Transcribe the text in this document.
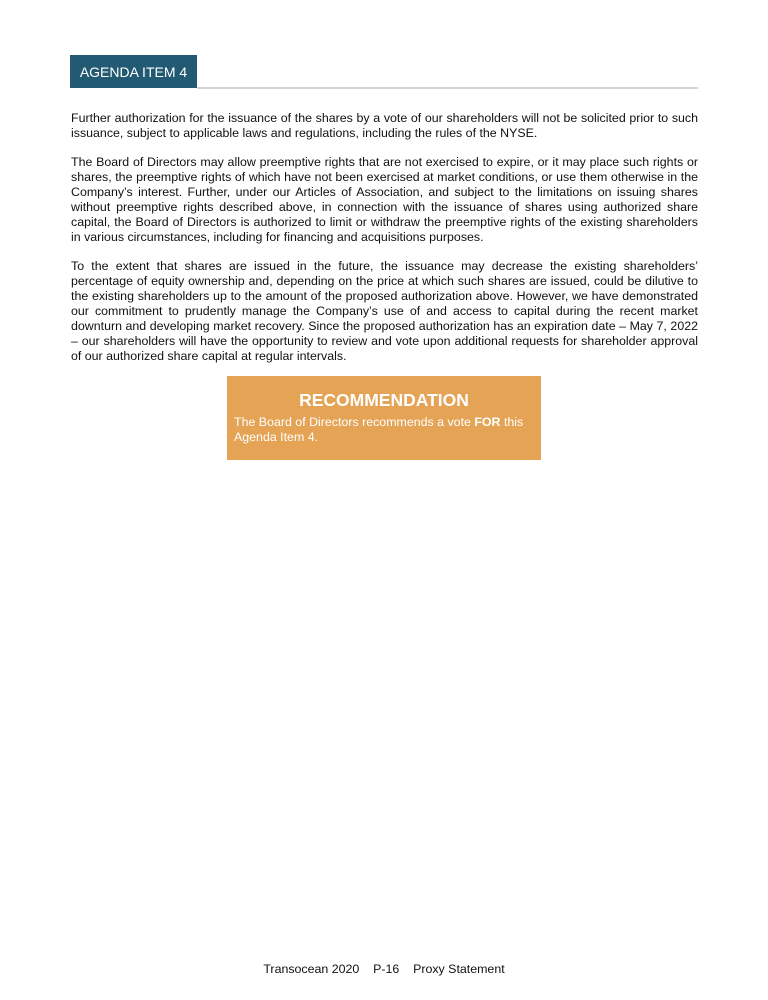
AGENDA ITEM 4

Further authorization for the issuance of the shares by a vote of our shareholders will not be solicited prior to such issuance, subject to applicable laws and regulations, including the rules of the NYSE.

The Board of Directors may allow preemptive rights that are not exercised to expire, or it may place such rights or shares, the preemptive rights of which have not been exercised at market conditions, or use them otherwise in the Company’s interest. Further, under our Articles of Association, and subject to the limitations on issuing shares without preemptive rights described above, in connection with the issuance of shares using authorized share capital, the Board of Directors is authorized to limit or withdraw the preemptive rights of the existing shareholders in various circumstances, including for financing and acquisitions purposes.

To the extent that shares are issued in the future, the issuance may decrease the existing shareholders’ percentage of equity ownership and, depending on the price at which such shares are issued, could be dilutive to the existing shareholders up to the amount of the proposed authorization above. However, we have demonstrated our commitment to prudently manage the Company’s use of and access to capital during the recent market downturn and developing market recovery. Since the proposed authorization has an expiration date – May 7, 2022 – our shareholders will have the opportunity to review and vote upon additional requests for shareholder approval of our authorized share capital at regular intervals.

RECOMMENDATION
The Board of Directors recommends a vote FOR this Agenda Item 4.
Transocean 2020 P-16 Proxy Statement
